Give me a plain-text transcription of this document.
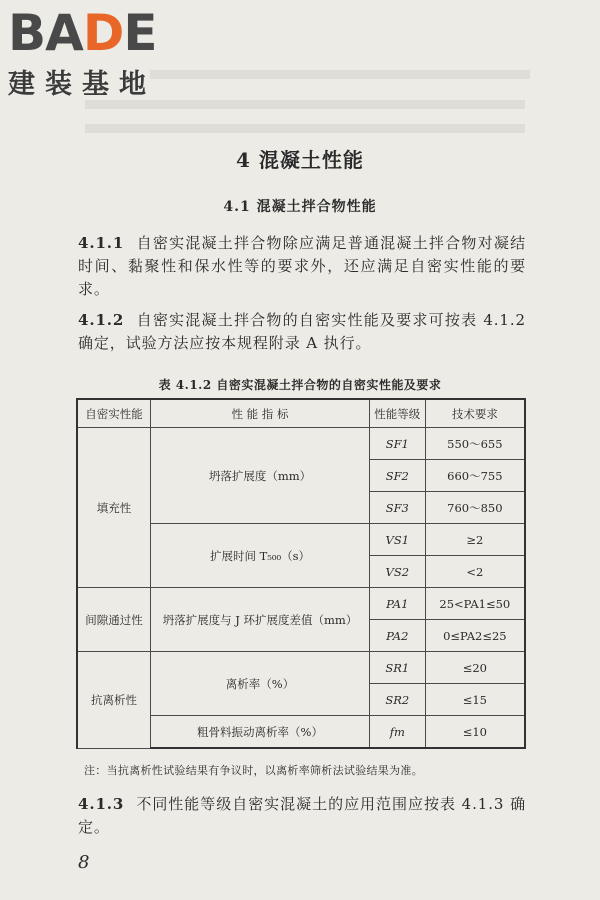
BADE
建装基地
4 混凝土性能
4.1 混凝土拌合物性能
4.1.1 自密实混凝土拌合物除应满足普通混凝土拌合物对凝结时间、黏聚性和保水性等的要求外，还应满足自密实性能的要求。
4.1.2 自密实混凝土拌合物的自密实性能及要求可按表 4.1.2 确定，试验方法应按本规程附录 A 执行。
表 4.1.2 自密实混凝土拌合物的自密实性能及要求
自密实性能	性 能 指 标	性能等级	技术要求
填充性	坍落扩展度（mm）	SF1	550～655
		SF2	660～755
		SF3	760～850
	扩展时间 T₅₀₀（s）	VS1	≥2
		VS2	<2
间隙通过性	坍落扩展度与 J 环扩展度差值（mm）	PA1	25<PA1≤50
		PA2	0≤PA2≤25
抗离析性	离析率（%）	SR1	≤20
		SR2	≤15
	粗骨料振动离析率（%）	fm	≤10
注：当抗离析性试验结果有争议时，以离析率筛析法试验结果为准。
4.1.3 不同性能等级自密实混凝土的应用范围应按表 4.1.3 确定。
8
